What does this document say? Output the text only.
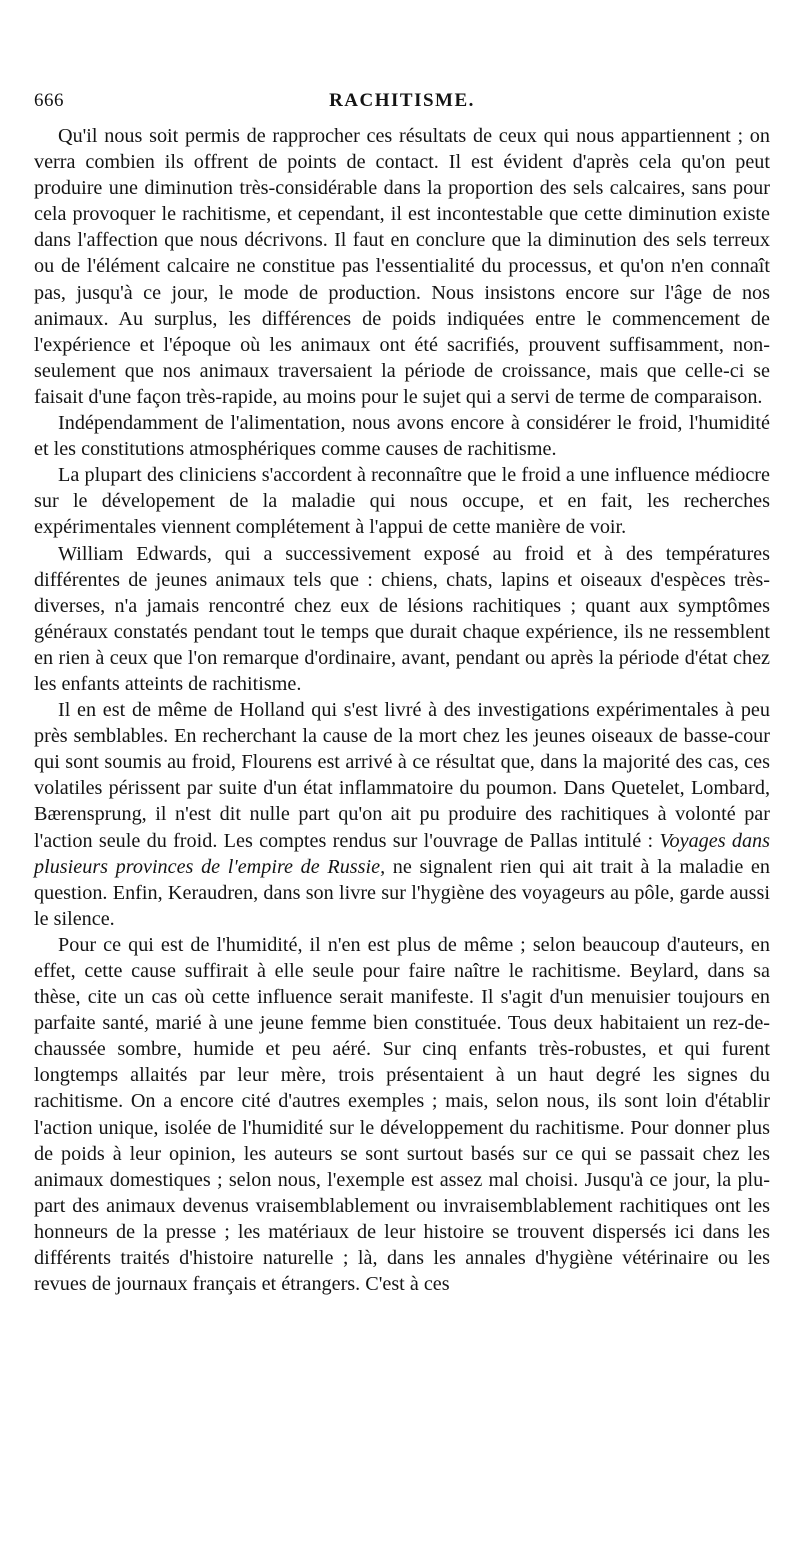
666	RACHITISME.

Qu'il nous soit permis de rapprocher ces résultats de ceux qui nous appartiennent ; on verra combien ils offrent de points de contact. Il est évident d'après cela qu'on peut produire une diminution très-considérable dans la proportion des sels calcaires, sans pour cela provoquer le rachitisme, et cependant, il est incontestable que cette diminution existe dans l'affection que nous décrivons. Il faut en conclure que la diminution des sels terreux ou de l'élément calcaire ne constitue pas l'essentialité du processus, et qu'on n'en connaît pas, jusqu'à ce jour, le mode de production. Nous insistons encore sur l'âge de nos animaux. Au surplus, les différences de poids indiquées entre le commencement de l'expérience et l'époque où les animaux ont été sacrifiés, prouvent suffisamment, non-seulement que nos animaux traversaient la période de croissance, mais que celle-ci se faisait d'une façon très-rapide, au moins pour le sujet qui a servi de terme de comparaison.

Indépendamment de l'alimentation, nous avons encore à considérer le froid, l'humidité et les constitutions atmosphériques comme causes de rachitisme.

La plupart des cliniciens s'accordent à reconnaître que le froid a une influence médiocre sur le dévelopement de la maladie qui nous occupe, et en fait, les recherches expérimentales viennent complétement à l'appui de cette manière de voir.

William Edwards, qui a successivement exposé au froid et à des températures différentes de jeunes animaux tels que : chiens, chats, lapins et oiseaux d'espèces très-diverses, n'a jamais rencontré chez eux de lésions rachitiques ; quant aux symptômes généraux constatés pendant tout le temps que durait chaque expérience, ils ne ressemblent en rien à ceux que l'on remarque d'ordinaire, avant, pendant ou après la période d'état chez les enfants atteints de rachitisme.

Il en est de même de Holland qui s'est livré à des investigations expérimentales à peu près semblables. En recherchant la cause de la mort chez les jeunes oiseaux de basse-cour qui sont soumis au froid, Flourens est arrivé à ce résultat que, dans la majorité des cas, ces volatiles périssent par suite d'un état inflammatoire du poumon. Dans Quetelet, Lombard, Bærensprung, il n'est dit nulle part qu'on ait pu produire des rachitiques à volonté par l'action seule du froid. Les comptes rendus sur l'ouvrage de Pallas intitulé : Voyages dans plusieurs provinces de l'empire de Russie, ne signalent rien qui ait trait à la maladie en question. Enfin, Keraudren, dans son livre sur l'hygiène des voyageurs au pôle, garde aussi le silence.

Pour ce qui est de l'humidité, il n'en est plus de même ; selon beaucoup d'auteurs, en effet, cette cause suffirait à elle seule pour faire naître le rachitisme. Beylard, dans sa thèse, cite un cas où cette influence serait manifeste. Il s'agit d'un menuisier toujours en parfaite santé, marié à une jeune femme bien constituée. Tous deux habitaient un rez-de-chaussée sombre, humide et peu aéré. Sur cinq enfants très-robustes, et qui furent longtemps allaités par leur mère, trois présentaient à un haut degré les signes du rachitisme. On a encore cité d'autres exemples ; mais, selon nous, ils sont loin d'établir l'action unique, isolée de l'humidité sur le développement du rachitisme. Pour donner plus de poids à leur opinion, les auteurs se sont surtout basés sur ce qui se passait chez les animaux domestiques ; selon nous, l'exemple est assez mal choisi. Jusqu'à ce jour, la plupart des animaux devenus vraisemblablement ou invraisemblablement rachitiques ont les honneurs de la presse ; les matériaux de leur histoire se trouvent dispersés ici dans les différents traités d'histoire naturelle ; là, dans les annales d'hygiène vétérinaire ou les revues de journaux français et étrangers. C'est à ces
